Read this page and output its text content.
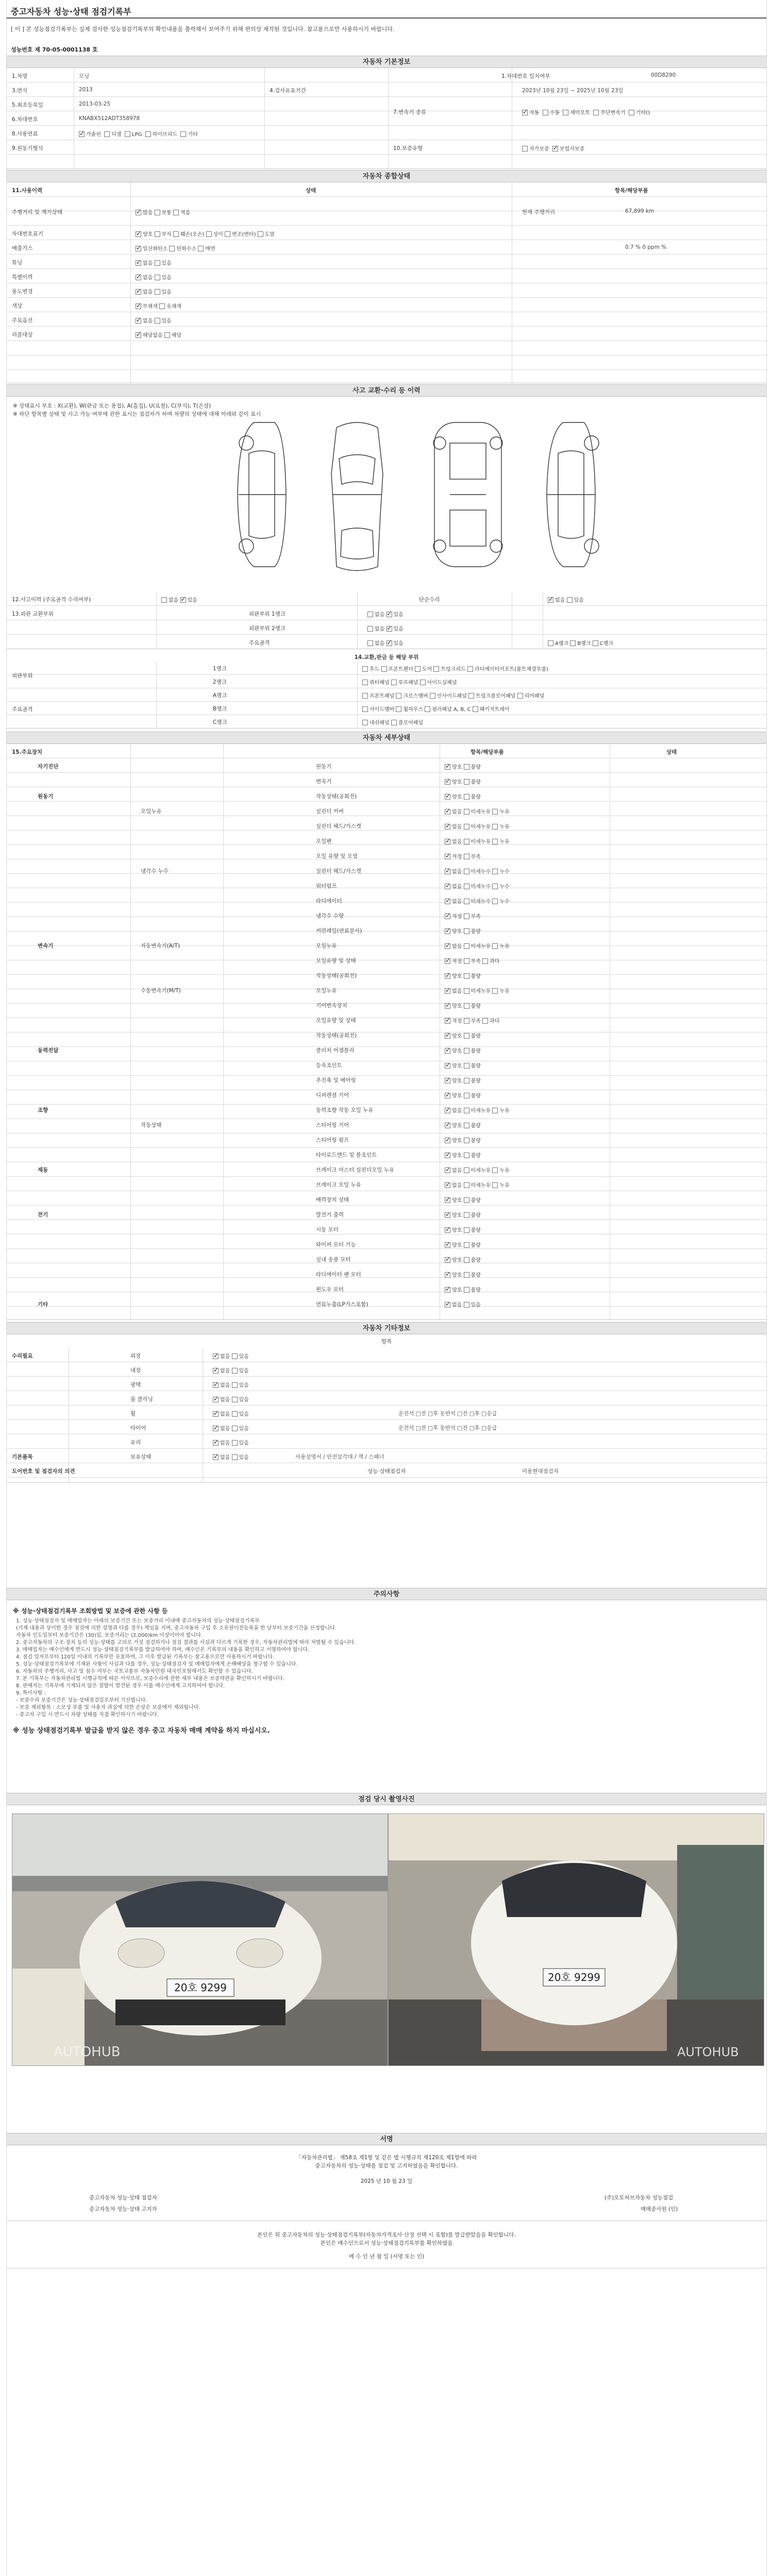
중고자동차 성능·상태 점검기록부
[ 이 ] 본 성능점검기록부는 실제 검사한 성능점검기록부의 확인내용을 출력해서 보여주기 위해 편의상 제작된 것입니다. 참고용으로만 사용하시기 바랍니다.
성능번호 제 70-05-0001138 호
자동차 기본정보
1.차명	모닝	1.차대번호 일치여부	00D8290
3.연식	2013	4.검사유효기간	2023년 10월 23일 ~ 2025년 10월 23일
5.최초등록일	2013-03-25
7.변속기 종류 ✓	자동 수동 세미오토 무단변속기 기타()
6.차대번호	KNABX512ADT358978
8.사용연료 ✓	가솔린 디젤 LPG 하이브리드 기타
9.원동기형식	10.보증유형	자가보증 ✓ 보험사보증
자동차 종합상태
11.사용이력	상태	항목/해당부품
주행거리 및 계기상태 ✓	많음 보통 적음	현재 주행거리	67,899 km
차대번호표기 ✓	양호 부식 훼손(오손) 상이 변조(변타) 도말
배출가스 ✓	일산화탄소 탄화수소 매연	0.7 % 0 ppm %
튜닝 ✓	없음 있음
특별이력 ✓	없음 있음
용도변경 ✓	없음 있음
색상 ✓	무채색 유채색
주요옵션 ✓	없음 있음
리콜대상 ✓	해당없음 해당
사고 교환·수리 등 이력
※ 상태표시 부호 : X(교환), W(판금 또는 용접), A(흠집), U(요철), C(부식), T(손상)
※ 하단 항목별 상태 및 사고 가능 여부에 관한 표시는 점검자가 하며 차량의 상태에 대해 아래와 같이 표시
12.사고이력 (주요골격 수리여부)	없음 ✓있음	단순수리 ✓	없음 있음
13.외판 교환부위	외판부위 1랭크	없음 ✓있음
외판부위 2랭크	없음 ✓있음
주요골격	없음 ✓있음	A랭크 B랭크 C랭크
14.교환,판금 등 해당 부위
외판부위
주요골격
1랭크	후드 프론트펜더 도어 트렁크리드 라디에이터서포트(볼트체결부품)
2랭크	쿼터패널 루프패널 사이드실패널
A랭크	프론트패널 크로스멤버 인사이드패널 트렁크플로어패널 리어패널
B랭크	사이드멤버 휠하우스 필러패널 A, B, C 패키지트레이
C랭크	대쉬패널 플로어패널
자동차 세부상태
15.주요장치	항목/해당부품	상태
자기진단	원동기 ✓	양호 불량
변속기 ✓	양호 불량
원동기	작동상태(공회전) ✓	양호 불량
오일누유	실린더 커버 ✓	없음 미세누유 누유
실린더 헤드/가스켓 ✓	없음 미세누유 누유
오일팬 ✓	없음 미세누유 누유
오일 유량 및 오염 ✓	적정 부족
냉각수 누수	실린더 헤드/가스켓 ✓	없음 미세누수 누수
워터펌프 ✓	없음 미세누수 누수
라디에이터 ✓	없음 미세누수 누수
냉각수 수량 ✓	적정 부족
커먼레일(연료분사) ✓	양호 불량
변속기	자동변속기(A/T)	오일누유 ✓	없음 미세누유 누유
오일유량 및 상태 ✓	적정 부족 과다
작동상태(공회전) ✓	양호 불량
수동변속기(M/T)	오일누유 ✓	없음 미세누유 누유
기어변속장치 ✓	양호 불량
오일유량 및 상태 ✓	적정 부족 과다
작동상태(공회전) ✓	양호 불량
동력전달	클러치 어셈블리 ✓	양호 불량
등속조인트 ✓	양호 불량
추진축 및 베어링 ✓	양호 불량
디퍼렌셜 기어 ✓	양호 불량
조향	동력조향 작동 오일 누유 ✓	없음 미세누유 누유
작동상태	스티어링 기어 ✓	양호 불량
스티어링 펌프 ✓	양호 불량
타이로드엔드 및 볼조인트 ✓	양호 불량
제동	브레이크 마스터 실린더오일 누유 ✓	없음 미세누유 누유
브레이크 오일 누유 ✓	없음 미세누유 누유
배력장치 상태 ✓	양호 불량
전기	발전기 출력 ✓	양호 불량
시동 모터 ✓	양호 불량
와이퍼 모터 기능 ✓	양호 불량
실내 송풍 모터 ✓	양호 불량
라디에이터 팬 모터 ✓	양호 불량
윈도우 모터 ✓	양호 불량
기타	연료누출(LP가스포함) ✓	없음 있음
자동차 기타정보
항목
수리필요	외장 ✓	없음 있음
내장 ✓	없음 있음
광택 ✓	없음 있음
룸 클리닝 ✓	없음 있음
휠 ✓	없음 있음	운전석 □전 □후 동반석 □전 □후 □응급
타이어 ✓	없음 있음	운전석 □전 □후 동반석 □전 □후 □응급
유리 ✓	없음 있음
기본품목	보유상태 ✓	없음 있음	사용설명서 / 안전삼각대 / 잭 / 스패너
도어번호 및 점검자의 의견	성능·상태점검자	미용현대점검자
주의사항
※ 성능·상태점검기록부 조회방법 및 보증에 관한 사항 등
1. 성능·상태점검자 및 매매업자는 아래의 보증기간 또는 보증거리 이내에 중고자동차의 성능·상태점검기록부
(기재 내용과 상이한 경우 점검에 의한 설명과 다를 경우) 책임을 지며, 중고자동차 구입 후 소유권이전등록을 한 날부터 보증기간을 산정합니다.
자동차 인도일부터 보증기간은 (30)일, 보증거리는 (2,000)km 이상이어야 합니다.
2. 중고자동차의 구조·장치 등의 성능·상태를 고의로 거짓 점검하거나 점검 결과를 사실과 다르게 기록한 경우, 자동차관리법에 따라 처벌될 수 있습니다.
3. 매매업자는 매수인에게 반드시 성능·상태점검기록부를 발급하여야 하며, 매수인은 기록부의 내용을 확인하고 서명하여야 합니다.
4. 점검 일자로부터 120일 이내의 기록부만 유효하며, 그 이후 발급된 기록부는 참고용으로만 사용하시기 바랍니다.
5. 성능·상태점검기록부에 기재된 사항이 사실과 다를 경우, 성능·상태점검자 및 매매업자에게 손해배상을 청구할 수 있습니다.
6. 자동차의 주행거리, 사고 및 침수 여부는 국토교통부 자동차민원 대국민포털에서도 확인할 수 있습니다.
7. 본 기록부는 자동차관리법 시행규칙에 따른 서식으로, 보증수리에 관한 세부 내용은 보증약관을 확인하시기 바랍니다.
8. 판매자는 기록부에 기재되지 않은 결함이 발견된 경우 이를 매수인에게 고지하여야 합니다.
9. 특이사항 :
- 보증수리 보증기간은 성능·상태점검일로부터 기산합니다.
- 보증 제외항목 : 소모성 부품 및 사용자 과실에 의한 손상은 보증에서 제외됩니다.
- 중고차 구입 시 반드시 차량 상태를 직접 확인하시기 바랍니다.
※ 성능 상태점검기록부 발급을 받지 않은 경우 중고 자동차 매매 계약을 하지 마십시오.
점검 당시 촬영사진
20호 9299
AUTOHUB
20호 9299
AUTOHUB
서명
「자동차관리법」 제58조 제1항 및 같은 법 시행규칙 제120조 제1항에 따라
중고자동차의 성능·상태를 점검 및 고지하였음을 확인합니다.
2025 년 10 월 23 일
중고자동차 성능·상태 점검자	(주)오토허브자동차 성능점검
중고자동차 성능·상태 고지자	매매종사원 (인)
본인은 위 중고자동차의 성능·상태점검기록부(자동차가격조사·산정 선택 시 포함)를 발급받았음을 확인합니다.
본인은 매수인으로서 성능·상태점검기록부를 확인하였음
매 수 인 년 월 일 (서명 또는 인)
